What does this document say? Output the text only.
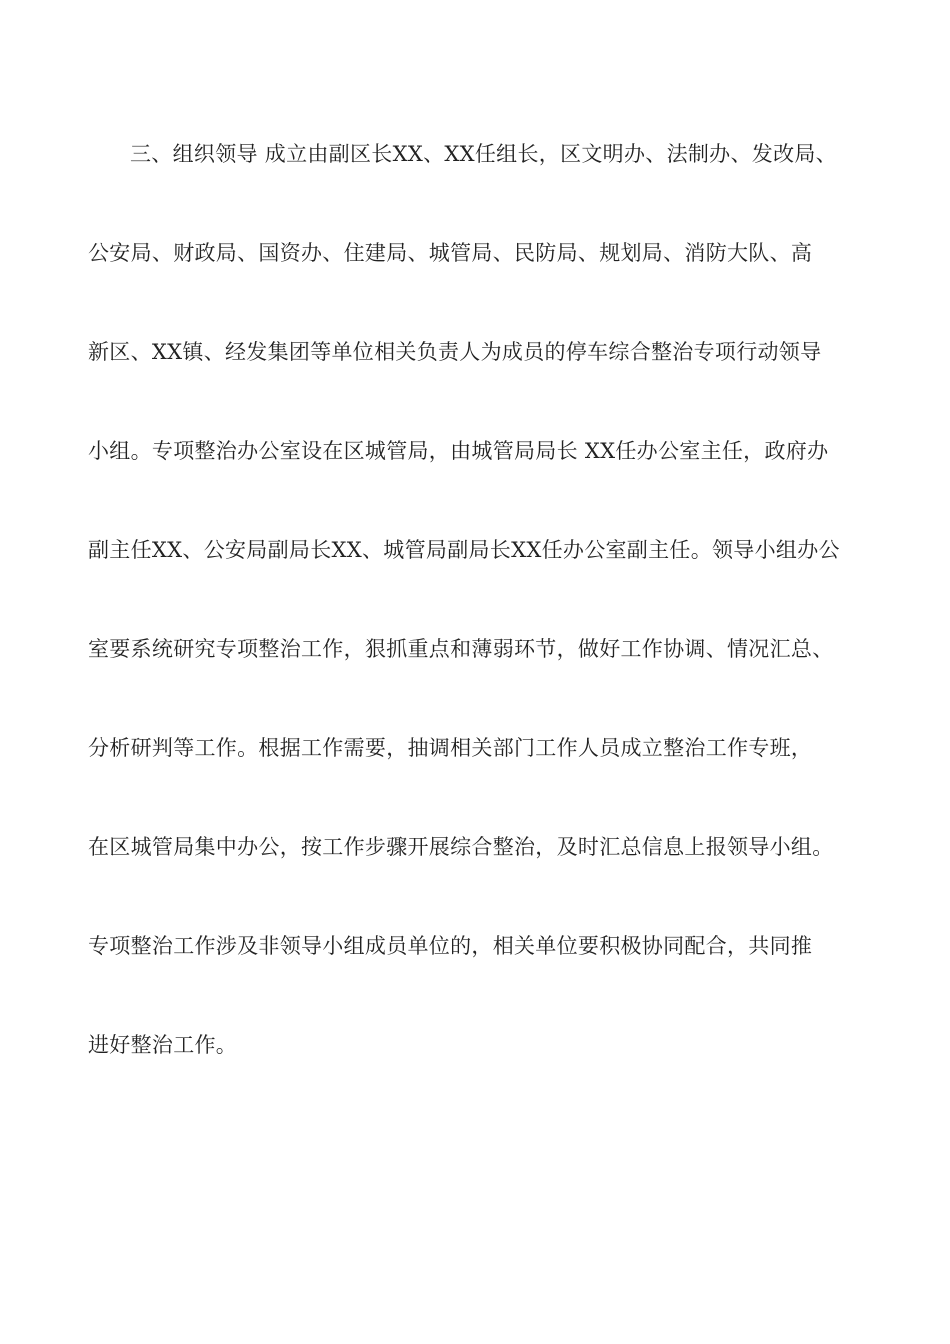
三、组织领导 成立由副区长XX、XX任组长，区文明办、法制办、发改局、
公安局、财政局、国资办、住建局、城管局、民防局、规划局、消防大队、高
新区、XX镇、经发集团等单位相关负责人为成员的停车综合整治专项行动领导
小组。专项整治办公室设在区城管局，由城管局局长 XX任办公室主任，政府办
副主任XX、公安局副局长XX、城管局副局长XX任办公室副主任。领导小组办公
室要系统研究专项整治工作，狠抓重点和薄弱环节，做好工作协调、情况汇总、
分析研判等工作。根据工作需要，抽调相关部门工作人员成立整治工作专班，
在区城管局集中办公，按工作步骤开展综合整治，及时汇总信息上报领导小组。
专项整治工作涉及非领导小组成员单位的，相关单位要积极协同配合，共同推
进好整治工作。
